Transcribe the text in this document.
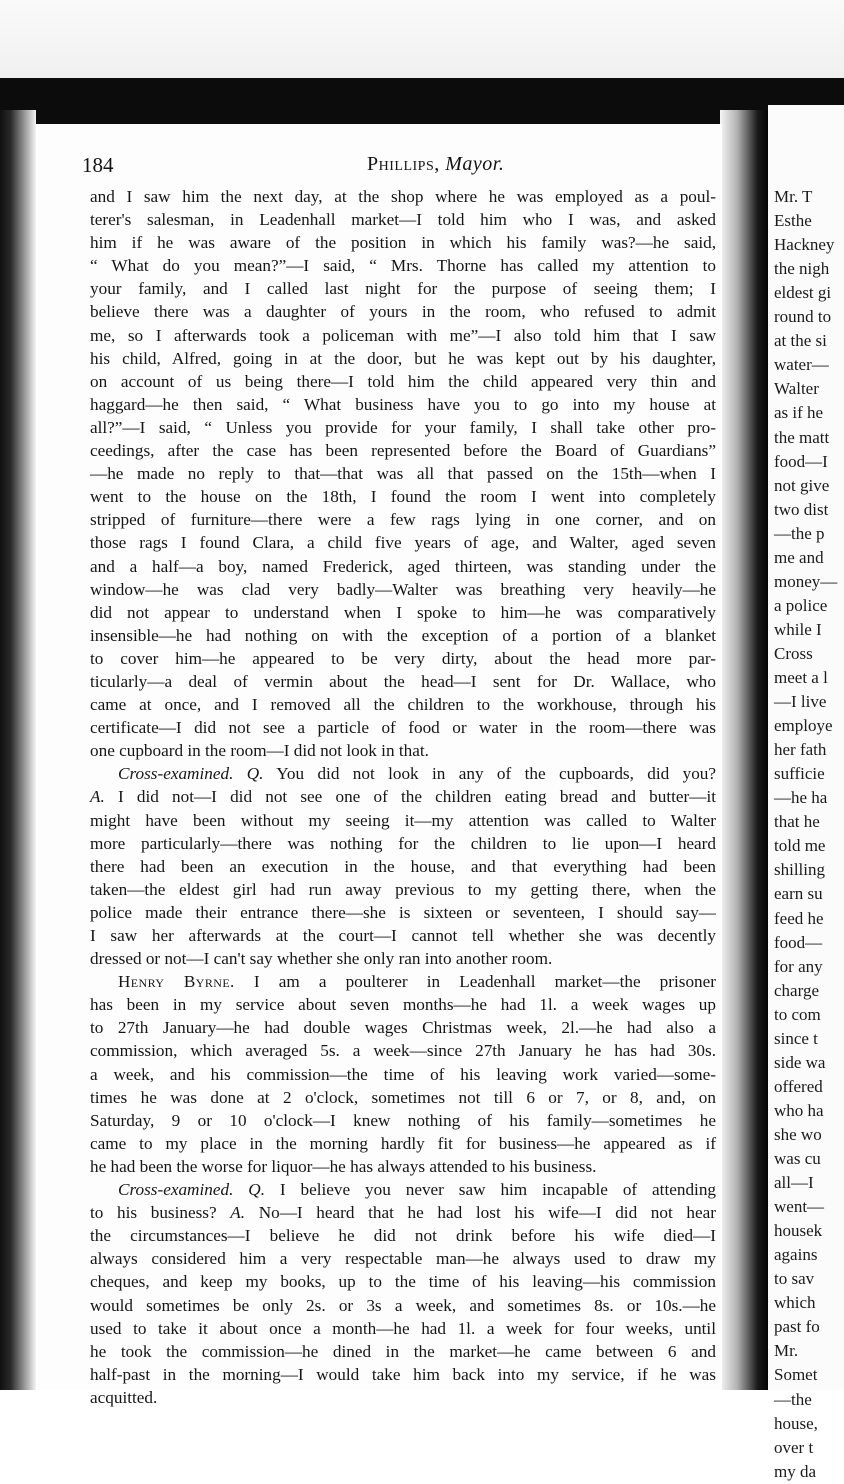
Mr. T
Esthe
Hackney
the nigh
eldest gi
round to
at the si
water—
Walter
as if he
the matt
food—I
not give
two dist
—the p
me and
money—
a police
while I
Cross
meet a l
—I live
employe
her fath
sufficie
—he ha
that he
told me
shilling
earn su
feed he
food—
for any
charge
to com
since t
side wa
offered
who ha
she wo
was cu
all—I
went—
housek
agains
to sav
which
past fo
Mr.
Somet
—the
house,
over t
my da
184	Phillips, Mayor.
and I saw him the next day, at the shop where he was employed as a poul-
terer's salesman, in Leadenhall market—I told him who I was, and asked
him if he was aware of the position in which his family was?—he said,
“ What do you mean?”—I said, “ Mrs. Thorne has called my attention to
your family, and I called last night for the purpose of seeing them; I
believe there was a daughter of yours in the room, who refused to admit
me, so I afterwards took a policeman with me”—I also told him that I saw
his child, Alfred, going in at the door, but he was kept out by his daughter,
on account of us being there—I told him the child appeared very thin and
haggard—he then said, “ What business have you to go into my house at
all?”—I said, “ Unless you provide for your family, I shall take other pro-
ceedings, after the case has been represented before the Board of Guardians”
—he made no reply to that—that was all that passed on the 15th—when I
went to the house on the 18th, I found the room I went into completely
stripped of furniture—there were a few rags lying in one corner, and on
those rags I found Clara, a child five years of age, and Walter, aged seven
and a half—a boy, named Frederick, aged thirteen, was standing under the
window—he was clad very badly—Walter was breathing very heavily—he
did not appear to understand when I spoke to him—he was comparatively
insensible—he had nothing on with the exception of a portion of a blanket
to cover him—he appeared to be very dirty, about the head more par-
ticularly—a deal of vermin about the head—I sent for Dr. Wallace, who
came at once, and I removed all the children to the workhouse, through his
certificate—I did not see a particle of food or water in the room—there was
one cupboard in the room—I did not look in that.
Cross-examined. Q. You did not look in any of the cupboards, did you?
A. I did not—I did not see one of the children eating bread and butter—it
might have been without my seeing it—my attention was called to Walter
more particularly—there was nothing for the children to lie upon—I heard
there had been an execution in the house, and that everything had been
taken—the eldest girl had run away previous to my getting there, when the
police made their entrance there—she is sixteen or seventeen, I should say—
I saw her afterwards at the court—I cannot tell whether she was decently
dressed or not—I can't say whether she only ran into another room.
Henry Byrne. I am a poulterer in Leadenhall market—the prisoner
has been in my service about seven months—he had 1l. a week wages up
to 27th January—he had double wages Christmas week, 2l.—he had also a
commission, which averaged 5s. a week—since 27th January he has had 30s.
a week, and his commission—the time of his leaving work varied—some-
times he was done at 2 o'clock, sometimes not till 6 or 7, or 8, and, on
Saturday, 9 or 10 o'clock—I knew nothing of his family—sometimes he
came to my place in the morning hardly fit for business—he appeared as if
he had been the worse for liquor—he has always attended to his business.
Cross-examined. Q. I believe you never saw him incapable of attending
to his business? A. No—I heard that he had lost his wife—I did not hear
the circumstances—I believe he did not drink before his wife died—I
always considered him a very respectable man—he always used to draw my
cheques, and keep my books, up to the time of his leaving—his commission
would sometimes be only 2s. or 3s a week, and sometimes 8s. or 10s.—he
used to take it about once a month—he had 1l. a week for four weeks, until
he took the commission—he dined in the market—he came between 6 and
half-past in the morning—I would take him back into my service, if he was
acquitted.
